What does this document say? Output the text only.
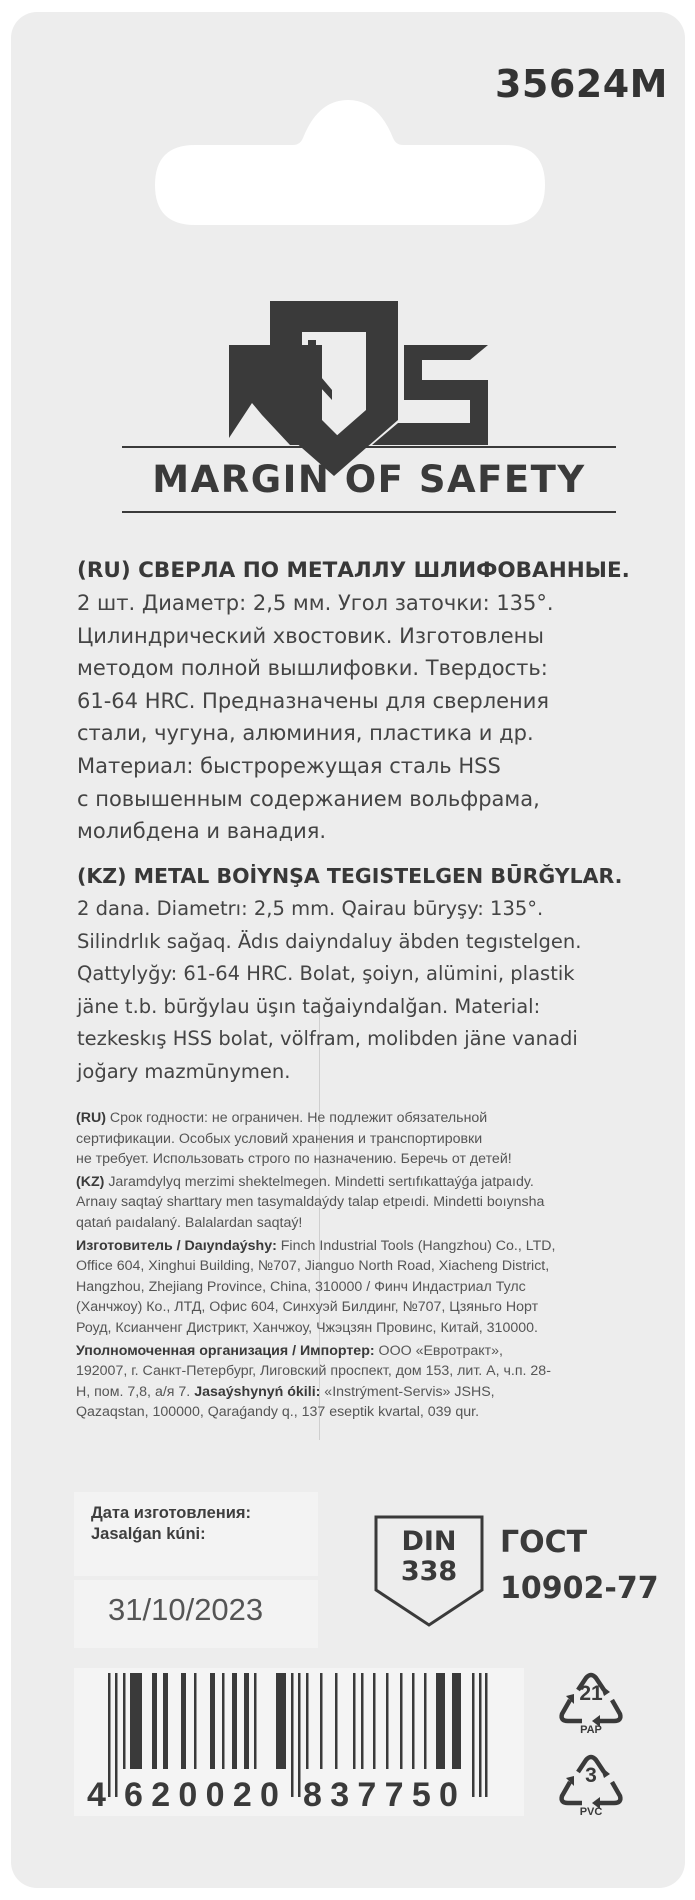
35624M
MARGIN OF SAFETY
(RU) СВЕРЛА ПО МЕТАЛЛУ ШЛИФОВАННЫЕ.
2 шт. Диаметр: 2,5 мм. Угол заточки: 135°.
Цилиндрический хвостовик. Изготовлены
методом полной вышлифовки. Твердость:
61-64 HRC. Предназначены для сверления
стали, чугуна, алюминия, пластика и др.
Материал: быстрорежущая сталь HSS
с повышенным содержанием вольфрама,
молибдена и ванадия.
(KZ) METAL BOİYNŞA TEGISTELGEN BŪRĞYLAR.
2 dana. Diametrı: 2,5 mm. Qairau būryşy: 135°.
Silindrlık sağaq. Ädıs daiyndaluy äbden tegıstelgen.
Qattylyğy: 61-64 HRC. Bolat, şoiyn, alümini, plastik
jäne t.b. būrğylau üşın tağaiyndalğan. Material:
tezkeskış HSS bolat, völfram, molibden jäne vanadi
joğary mazmūnymen.
(RU) Срок годности: не ограничен. Не подлежит обязательной
сертификации. Особых условий хранения и транспортировки
не требует. Использовать строго по назначению. Беречь от детей!
(KZ) Jaramdylyq merzimi shektelmegen. Mindetti sertıfıkattaýǵa jatpaıdy.
Arnaıy saqtaý sharttary men tasymaldaýdy talap etpeıdi. Mindetti boıynsha
qatań paıdalaný. Balalardan saqtaý!
Изготовитель / Daıyndaýshy: Finch Industrial Tools (Hangzhou) Co., LTD,
Office 604, Xinghui Building, №707, Jianguo North Road, Xiacheng District,
Hangzhou, Zhejiang Province, China, 310000 / Финч Индастриал Тулс
(Ханчжоу) Ко., ЛТД, Офис 604, Синхуэй Билдинг, №707, Цзяньго Норт
Роуд, Ксианченг Дистрикт, Ханчжоу, Чжэцзян Провинс, Китай, 310000.
Уполномоченная организация / Импортер: ООО «Евротракт»,
192007, г. Санкт-Петербург, Лиговский проспект, дом 153, лит. А, ч.п. 28-
Н, пом. 7,8, а/я 7. Jasaýshynyń ókili: «Instrýment-Servis» JSHS,
Qazaqstan, 100000, Qaraǵandy q., 137 eseptik kvartal, 039 qur.
Дата изготовления:
Jasalǵan kúni:
31/10/2023
DIN
338
ГОСТ
10902-77
4 620020 837750
21
PAP
3
PVC
